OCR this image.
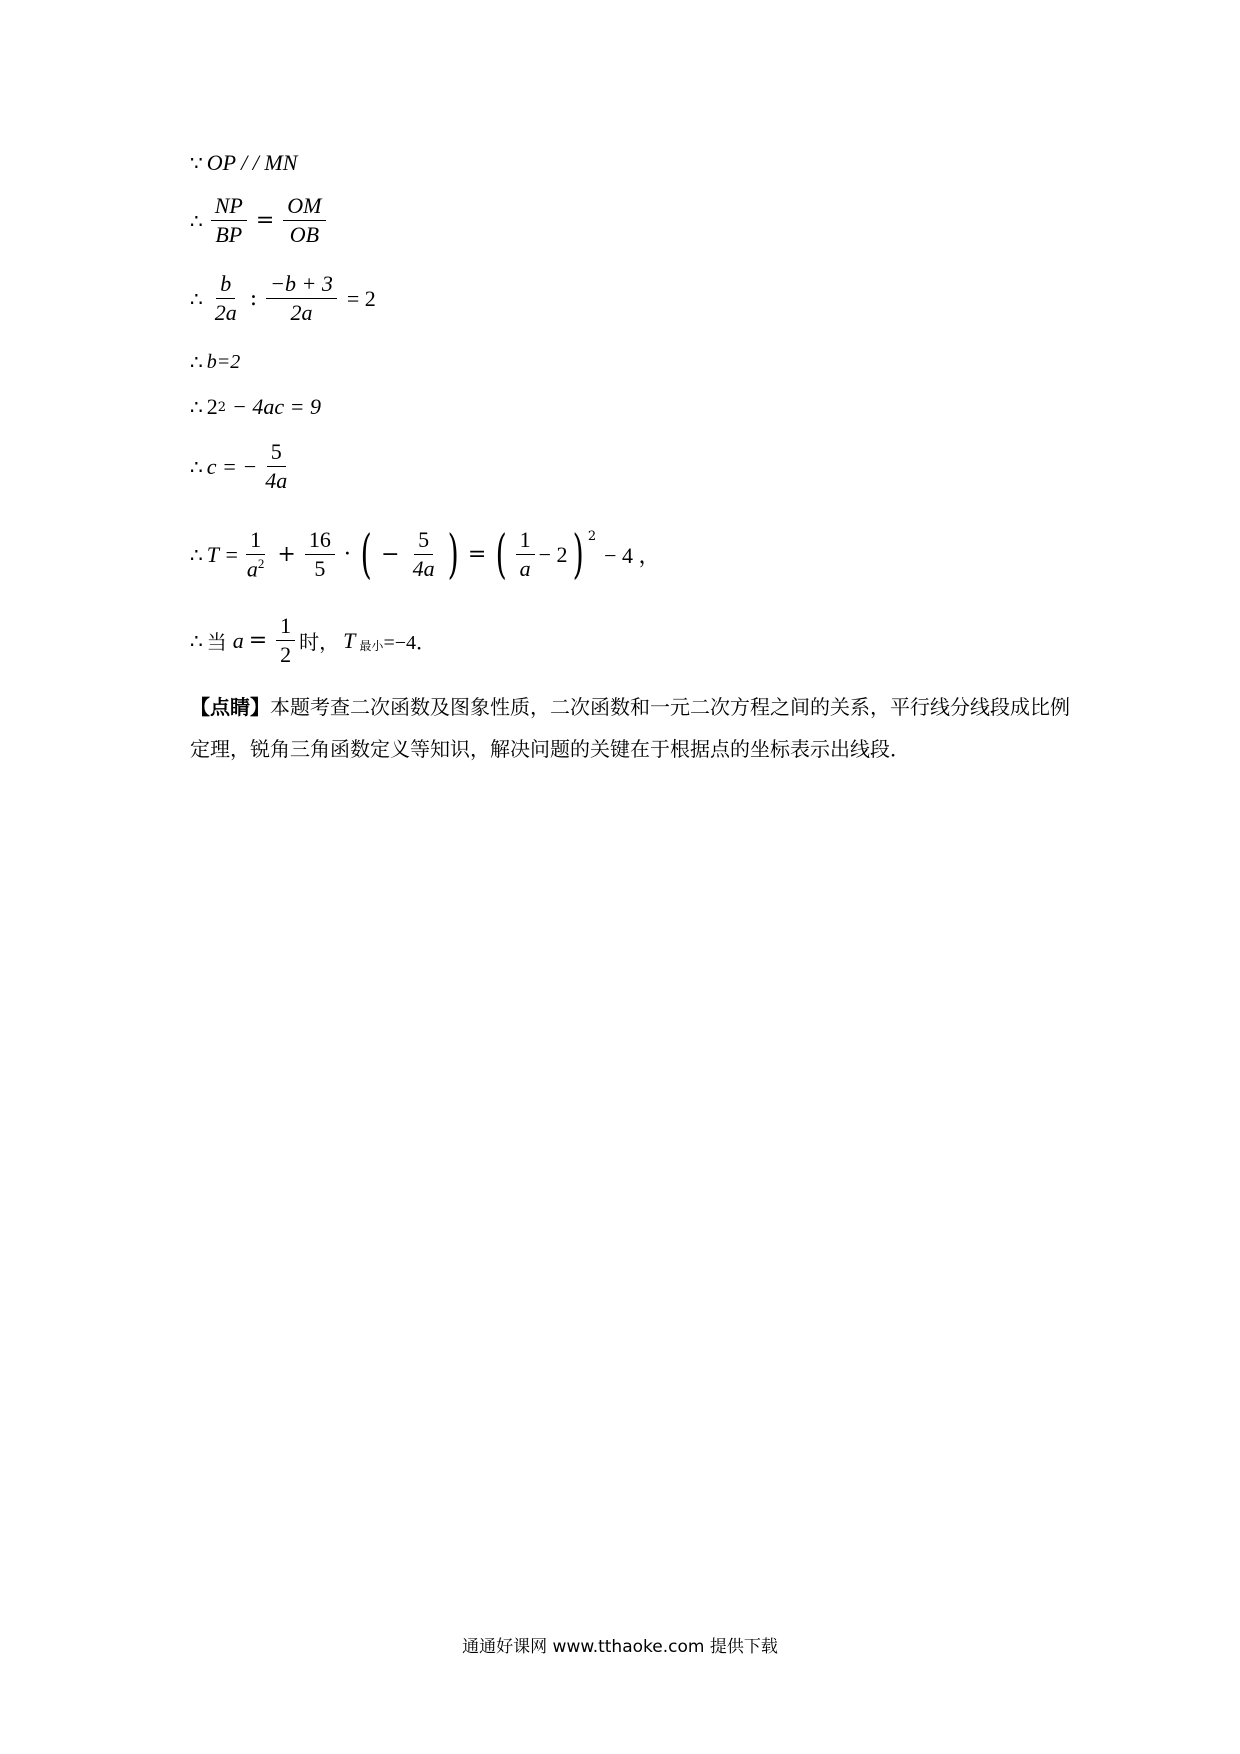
∵ OP / / MN
∴ $\frac{NP}{BP} = \frac{OM}{OB}$
∴ $\frac{b}{2a}$ : $\frac{-b + 3}{2a} = 2$
∴ b=2
∴ 2 2 − 4ac = 9
∴ c = − $\frac{5}{4a}$
∴ $T = \frac{1}{a^2} + \frac{16}{5}$ · ( − $\frac{5}{4a}$ ) = ( $\frac{1}{a} - 2$ ) $^2$
− 4 ，
∴ 当 $a = \frac{1}{2}$ 时， T 最小 =−4．
【点睛】本题考查二次函数及图象性质，二次函数和一元二次方程之间的关系，平行线分线段成比例定理，锐角三角函数定义等知识，解决问题的关键在于根据点的坐标表示出线段．
通通好课网 www.tthaoke.com 提供下载
